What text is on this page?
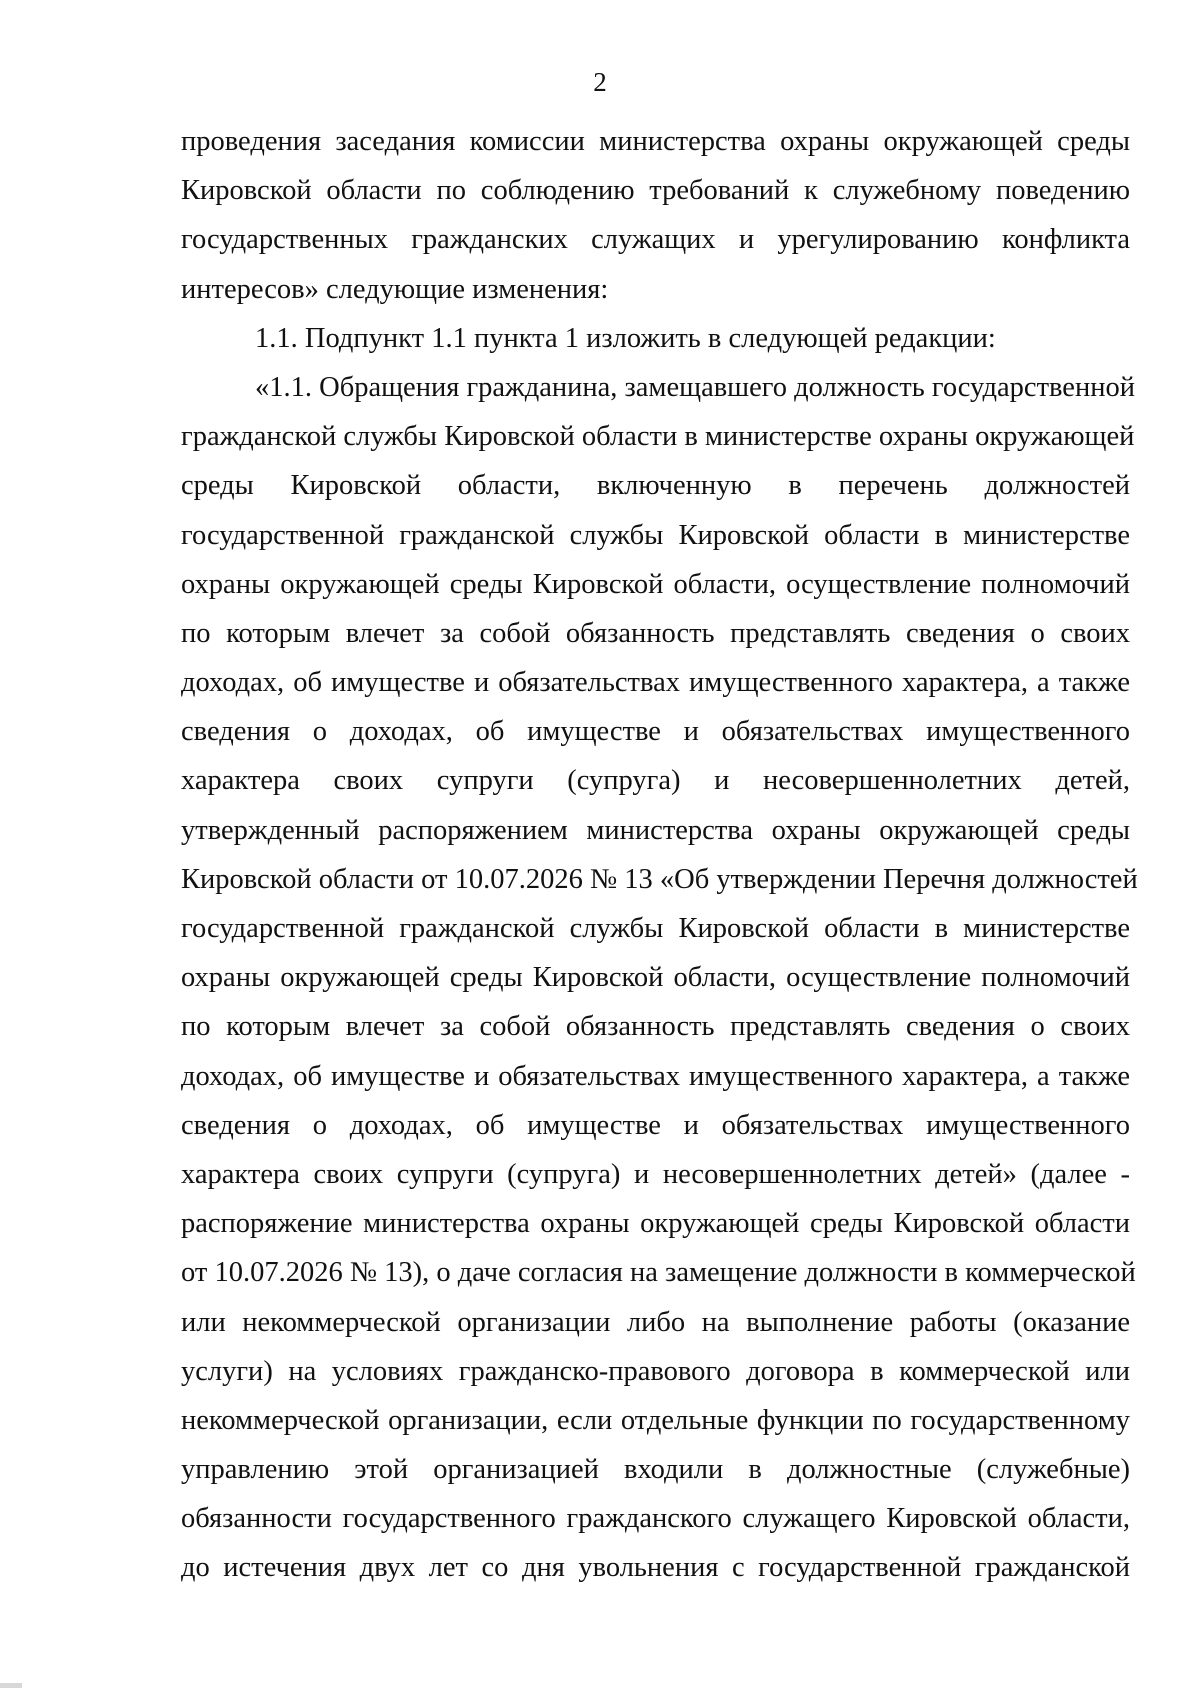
2
проведения заседания комиссии министерства охраны окружающей среды
Кировской области по соблюдению требований к служебному поведению
государственных гражданских служащих и урегулированию конфликта
интересов» следующие изменения:
1.1. Подпункт 1.1 пункта 1 изложить в следующей редакции:
«1.1. Обращения гражданина, замещавшего должность государственной
гражданской службы Кировской области в министерстве охраны окружающей
среды Кировской области, включенную в перечень должностей
государственной гражданской службы Кировской области в министерстве
охраны окружающей среды Кировской области, осуществление полномочий
по которым влечет за собой обязанность представлять сведения о своих
доходах, об имуществе и обязательствах имущественного характера, а также
сведения о доходах, об имуществе и обязательствах имущественного
характера своих супруги (супруга) и несовершеннолетних детей,
утвержденный распоряжением министерства охраны окружающей среды
Кировской области от 10.07.2026 № 13 «Об утверждении Перечня должностей
государственной гражданской службы Кировской области в министерстве
охраны окружающей среды Кировской области, осуществление полномочий
по которым влечет за собой обязанность представлять сведения о своих
доходах, об имуществе и обязательствах имущественного характера, а также
сведения о доходах, об имуществе и обязательствах имущественного
характера своих супруги (супруга) и несовершеннолетних детей» (далее -
распоряжение министерства охраны окружающей среды Кировской области
от 10.07.2026 № 13), о даче согласия на замещение должности в коммерческой
или некоммерческой организации либо на выполнение работы (оказание
услуги) на условиях гражданско-правового договора в коммерческой или
некоммерческой организации, если отдельные функции по государственному
управлению этой организацией входили в должностные (служебные)
обязанности государственного гражданского служащего Кировской области,
до истечения двух лет со дня увольнения с государственной гражданской
